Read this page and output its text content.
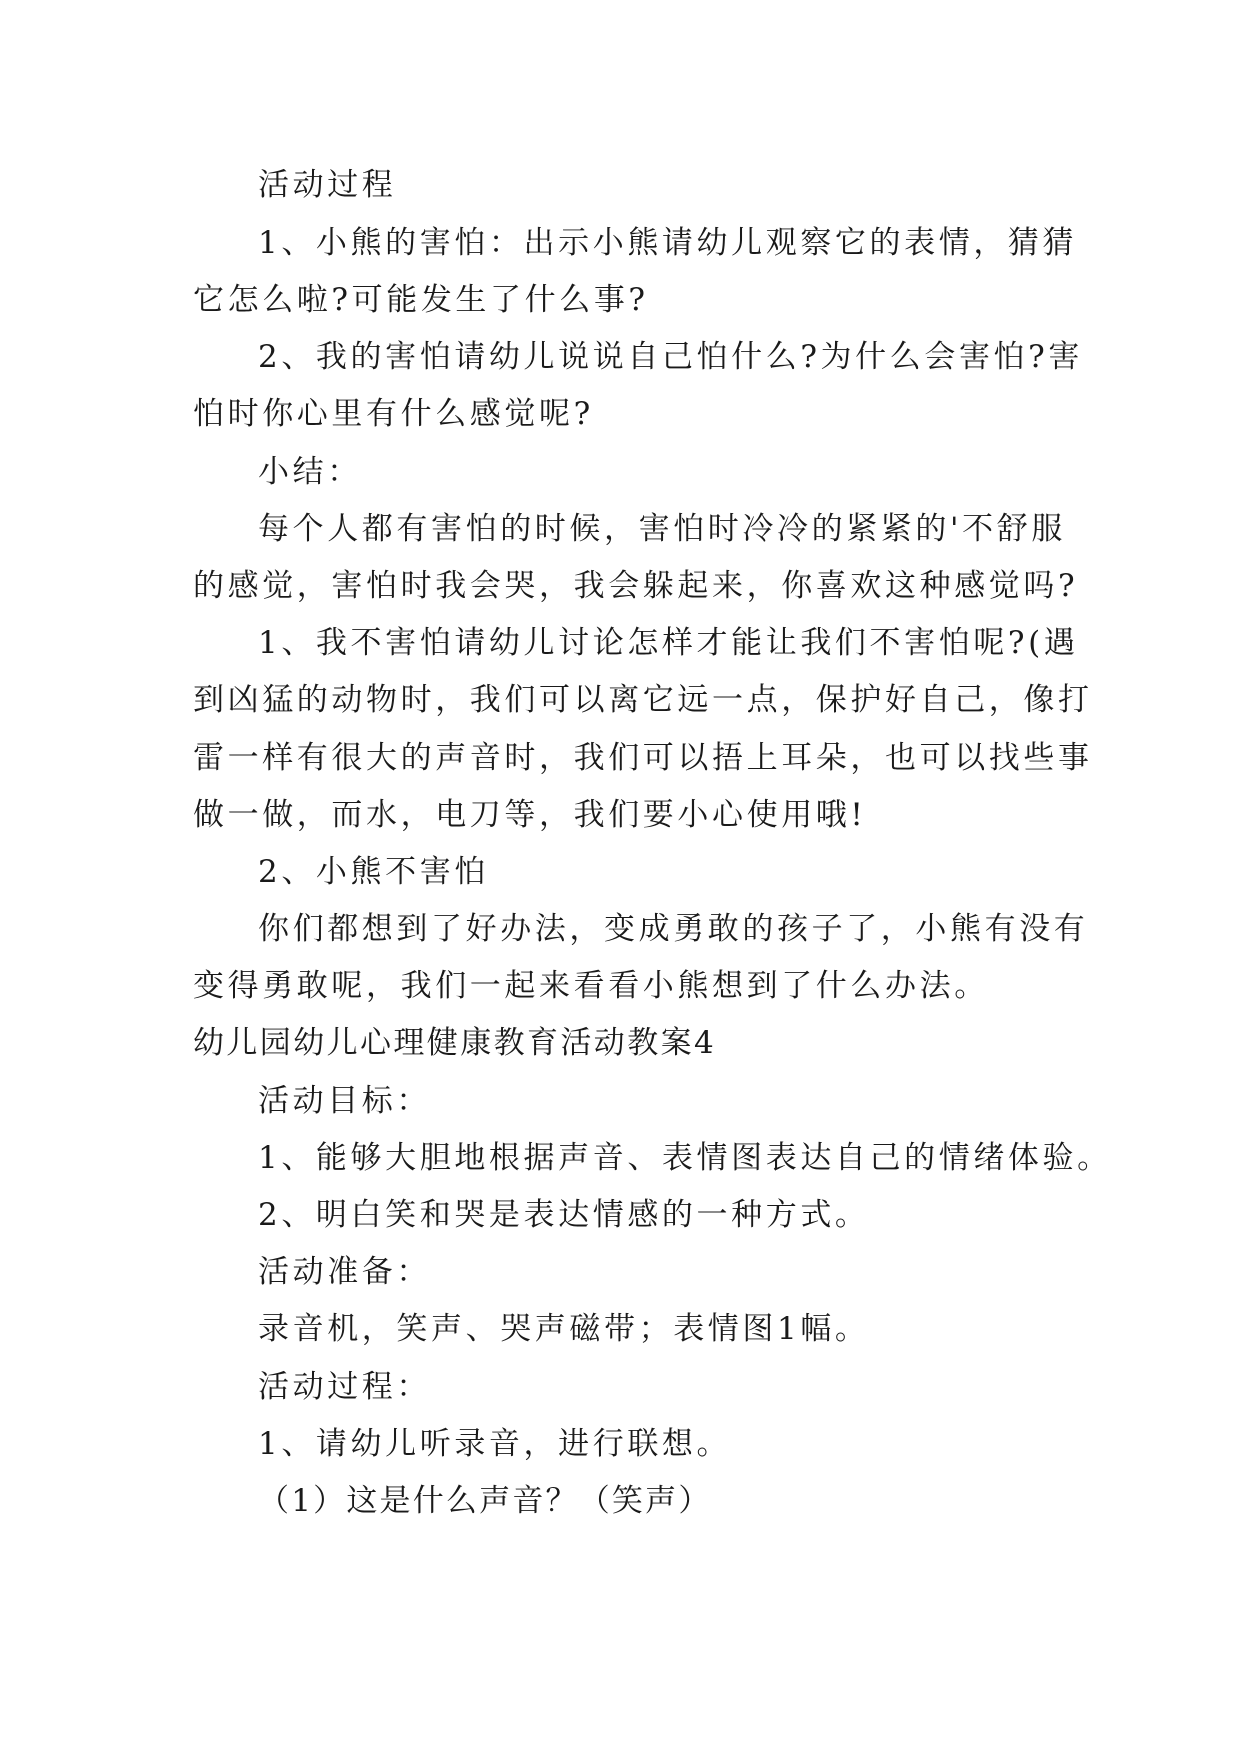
活动过程

1、小熊的害怕：出示小熊请幼儿观察它的表情，猜猜

它怎么啦?可能发生了什么事?

2、我的害怕请幼儿说说自己怕什么?为什么会害怕?害

怕时你心里有什么感觉呢?

小结：

每个人都有害怕的时候，害怕时冷冷的紧紧的'不舒服

的感觉，害怕时我会哭，我会躲起来，你喜欢这种感觉吗?

1、我不害怕请幼儿讨论怎样才能让我们不害怕呢?(遇

到凶猛的动物时，我们可以离它远一点，保护好自己，像打

雷一样有很大的声音时，我们可以捂上耳朵，也可以找些事

做一做，而水，电刀等，我们要小心使用哦!

2、小熊不害怕

你们都想到了好办法，变成勇敢的孩子了，小熊有没有

变得勇敢呢，我们一起来看看小熊想到了什么办法。

幼儿园幼儿心理健康教育活动教案4

活动目标：

1、能够大胆地根据声音、表情图表达自己的情绪体验。

2、明白笑和哭是表达情感的一种方式。

活动准备：

录音机，笑声、哭声磁带；表情图1幅。

活动过程：

1、请幼儿听录音，进行联想。

（1）这是什么声音？（笑声）
